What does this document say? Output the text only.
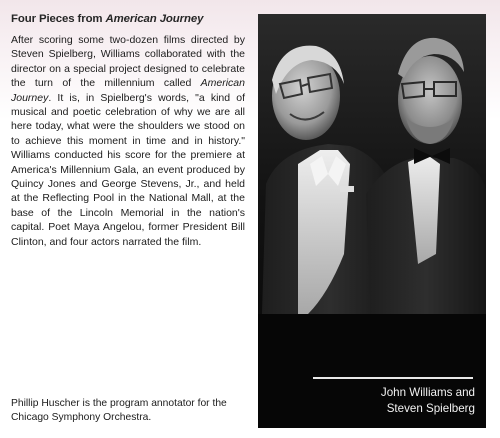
Four Pieces from American Journey

After scoring some two-dozen films directed by Steven Spielberg, Williams collaborated with the director on a special project designed to celebrate the turn of the millennium called American Journey. It is, in Spielberg's words, "a kind of musical and poetic celebration of why we are all here today, what were the shoulders we stood on to achieve this moment in time and in history." Williams conducted his score for the premiere at America's Millennium Gala, an event produced by Quincy Jones and George Stevens, Jr., and held at the Reflecting Pool in the National Mall, at the base of the Lincoln Memorial in the nation's capital. Poet Maya Angelou, former President Bill Clinton, and four actors narrated the film.

Phillip Huscher is the program annotator for the Chicago Symphony Orchestra.

John Williams and
Steven Spielberg
